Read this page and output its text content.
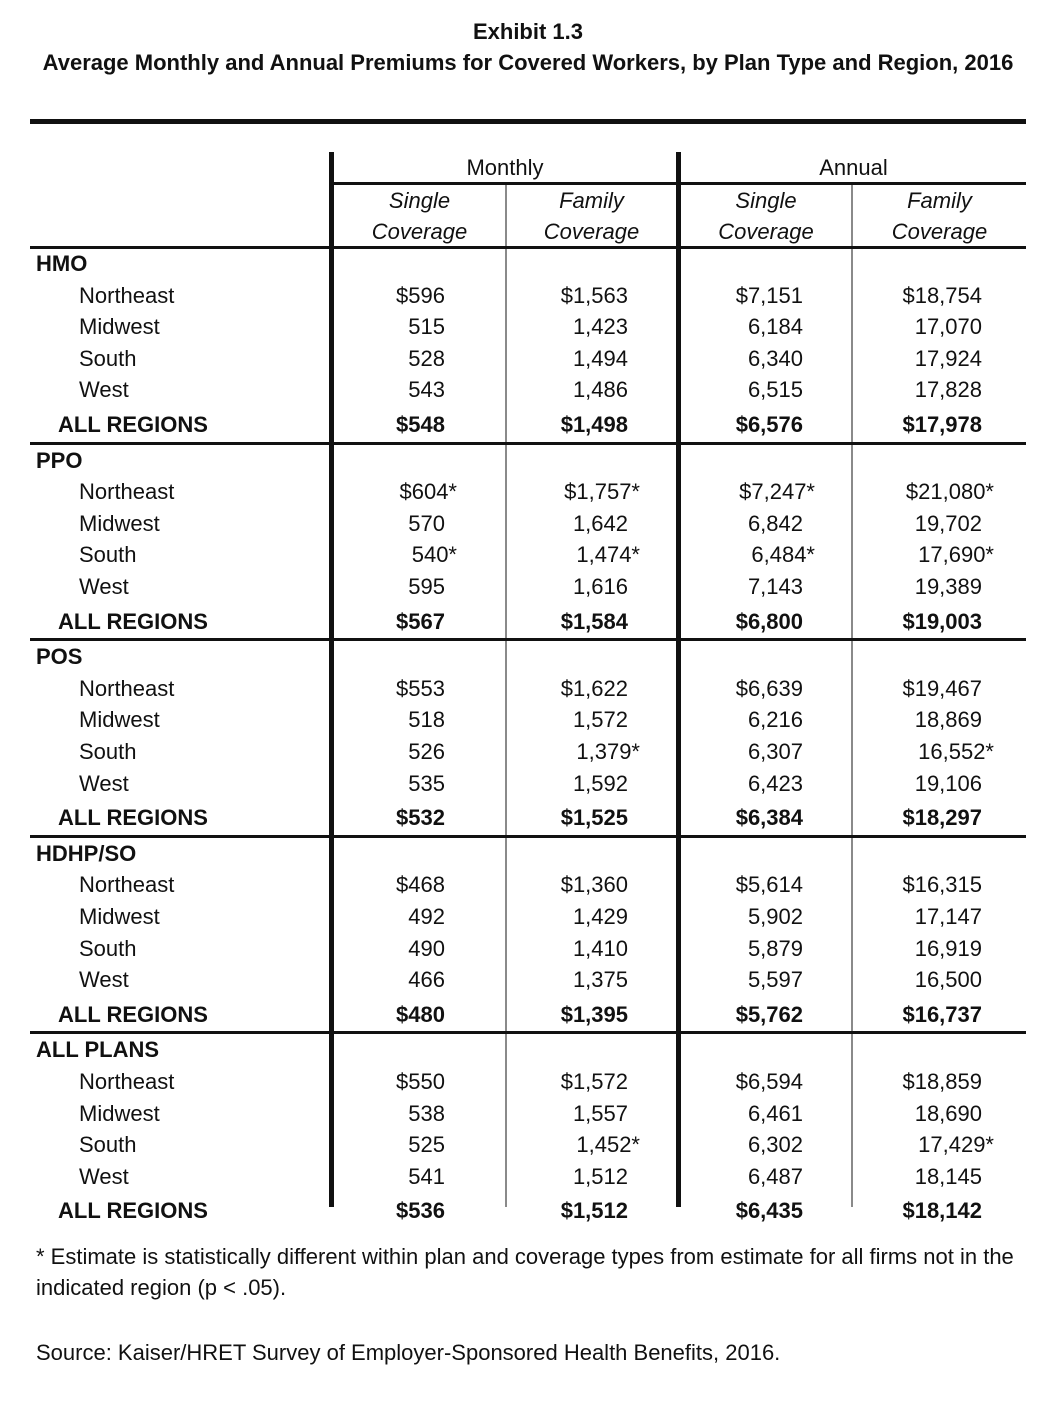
Exhibit 1.3
Average Monthly and Annual Premiums for Covered Workers, by Plan Type and Region, 2016
Monthly	Annual
Single
Coverage
Family
Coverage
Single
Coverage
Family
Coverage
HMO
Northeast	$596	$1,563	$7,151	$18,754
Midwest	515	1,423	6,184	17,070
South	528	1,494	6,340	17,924
West	543	1,486	6,515	17,828
ALL REGIONS	$548	$1,498	$6,576	$17,978
PPO
Northeast	$604*	$1,757*	$7,247*	$21,080*
Midwest	570	1,642	6,842	19,702
South	540*	1,474*	6,484*	17,690*
West	595	1,616	7,143	19,389
ALL REGIONS	$567	$1,584	$6,800	$19,003
POS
Northeast	$553	$1,622	$6,639	$19,467
Midwest	518	1,572	6,216	18,869
South	526	1,379*	6,307	16,552*
West	535	1,592	6,423	19,106
ALL REGIONS	$532	$1,525	$6,384	$18,297
HDHP/SO
Northeast	$468	$1,360	$5,614	$16,315
Midwest	492	1,429	5,902	17,147
South	490	1,410	5,879	16,919
West	466	1,375	5,597	16,500
ALL REGIONS	$480	$1,395	$5,762	$16,737
ALL PLANS
Northeast	$550	$1,572	$6,594	$18,859
Midwest	538	1,557	6,461	18,690
South	525	1,452*	6,302	17,429*
West	541	1,512	6,487	18,145
ALL REGIONS	$536	$1,512	$6,435	$18,142
* Estimate is statistically different within plan and coverage types from estimate for all firms not in the indicated region (p < .05).
Source: Kaiser/HRET Survey of Employer-Sponsored Health Benefits, 2016.
